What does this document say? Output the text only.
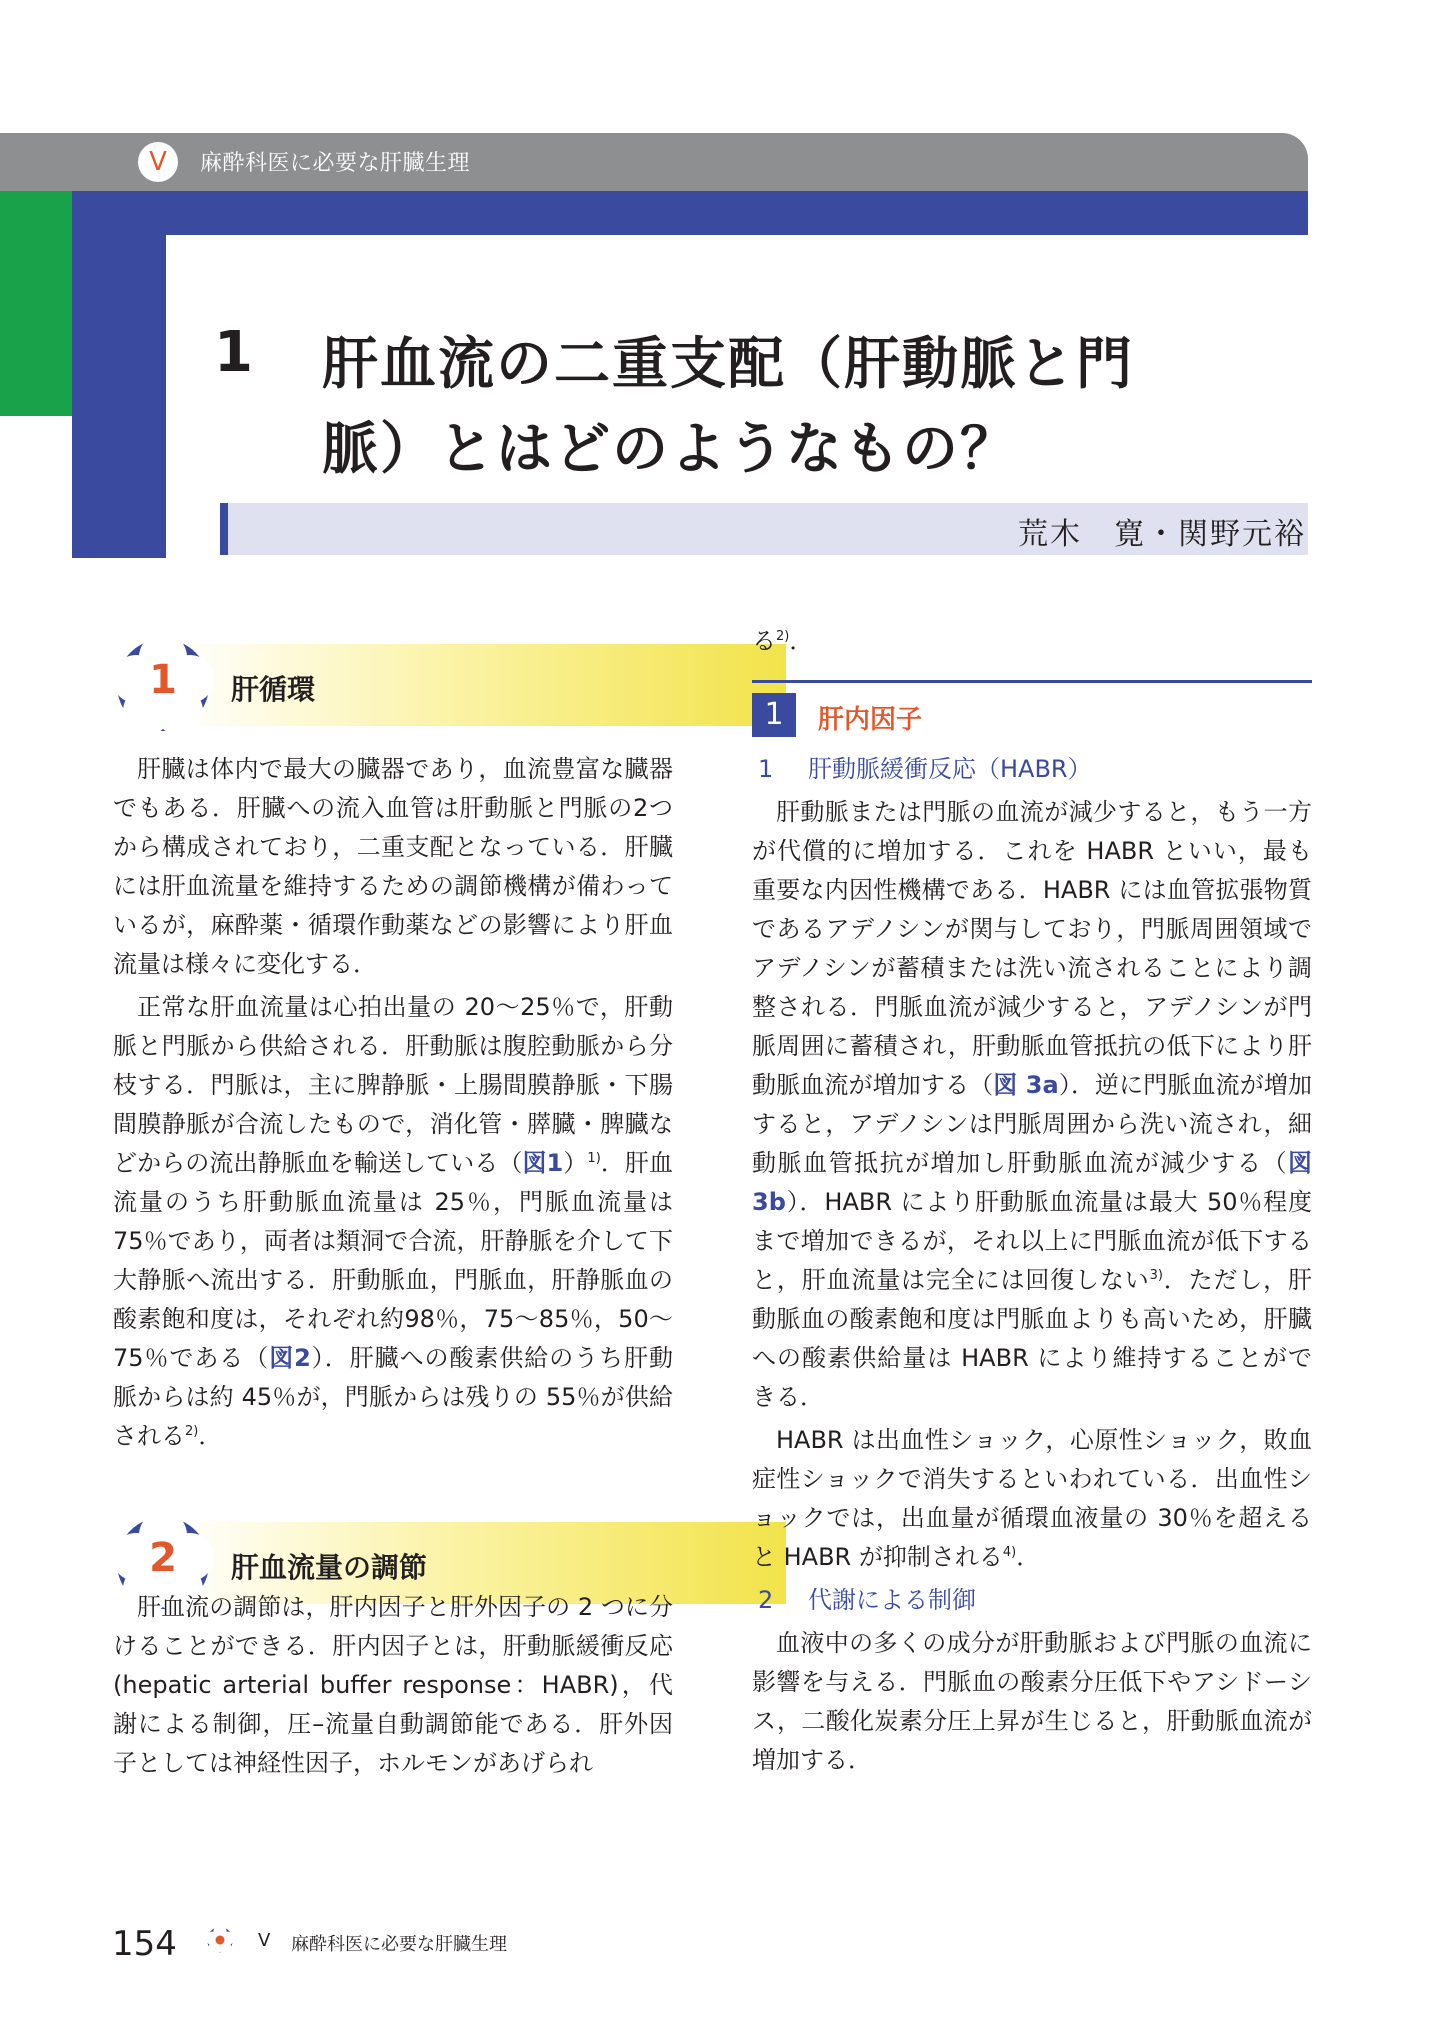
V	麻酔科医に必要な肝臓生理
1 肝血流の二重支配（肝動脈と門
脈）とはどのようなもの？
荒木　寛・関野元裕
1 肝循環
2 肝血流量の調節

肝臓は体内で最大の臓器であり，血流豊富な臓器でもある．肝臓への流入血管は肝動脈と門脈の2つから構成されており，二重支配となっている．肝臓には肝血流量を維持するための調節機構が備わっているが，麻酔薬・循環作動薬などの影響により肝血流量は様々に変化する．

正常な肝血流量は心拍出量の 20〜25％で，肝動脈と門脈から供給される．肝動脈は腹腔動脈から分枝する．門脈は，主に脾静脈・上腸間膜静脈・下腸間膜静脈が合流したもので，消化管・膵臓・脾臓などからの流出静脈血を輸送している（図1）$^{1)}$．肝血流量のうち肝動脈血流量は 25％，門脈血流量は 75％であり，両者は類洞で合流，肝静脈を介して下大静脈へ流出する．肝動脈血，門脈血，肝静脈血の酸素飽和度は，それぞれ約98％，75〜85％，50〜75％である（図2）．肝臓への酸素供給のうち肝動脈からは約 45％が，門脈からは残りの 55％が供給される$^{2)}$．

肝血流の調節は，肝内因子と肝外因子の 2 つに分けることができる．肝内因子とは，肝動脈緩衝反応(hepatic arterial buffer response：HABR)，代謝による制御，圧–流量自動調節能である．肝外因子としては神経性因子，ホルモンがあげられ

る$^{2)}$．
1	肝内因子
1 肝動脈緩衝反応（HABR）

肝動脈または門脈の血流が減少すると，もう一方が代償的に増加する．これを HABR といい，最も重要な内因性機構である．HABR には血管拡張物質であるアデノシンが関与しており，門脈周囲領域でアデノシンが蓄積または洗い流されることにより調整される．門脈血流が減少すると，アデノシンが門脈周囲に蓄積され，肝動脈血管抵抗の低下により肝動脈血流が増加する（図 3a）．逆に門脈血流が増加すると，アデノシンは門脈周囲から洗い流され，細動脈血管抵抗が増加し肝動脈血流が減少する（図 3b）．HABR により肝動脈血流量は最大 50％程度まで増加できるが，それ以上に門脈血流が低下すると，肝血流量は完全には回復しない$^{3)}$．ただし，肝動脈血の酸素飽和度は門脈血よりも高いため，肝臓への酸素供給量は HABR により維持することができる．

HABR は出血性ショック，心原性ショック，敗血症性ショックで消失するといわれている．出血性ショックでは，出血量が循環血液量の 30％を超えると HABR が抑制される$^{4)}$．

2 代謝による制御

血液中の多くの成分が肝動脈および門脈の血流に影響を与える．門脈血の酸素分圧低下やアシドーシス，二酸化炭素分圧上昇が生じると，肝動脈血流が増加する．

154	V 麻酔科医に必要な肝臓生理
